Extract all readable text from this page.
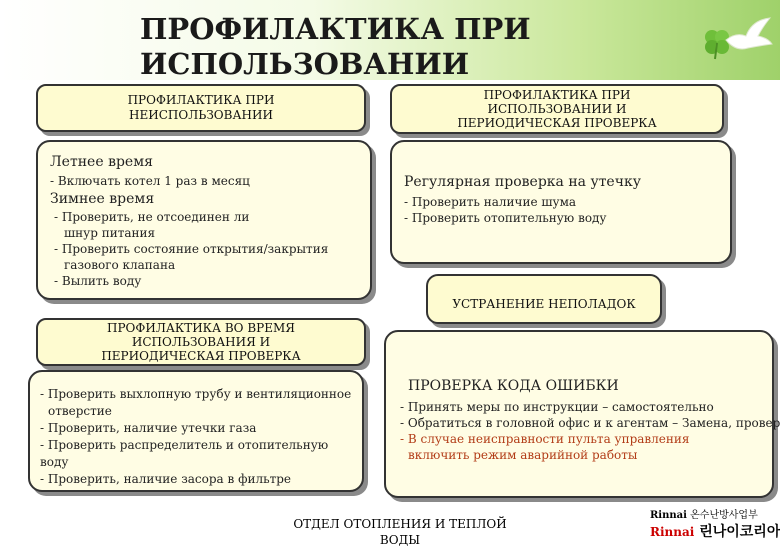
ПРОФИЛАКТИКА ПРИ
ИСПОЛЬЗОВАНИИ
ПРОФИЛАКТИКА ПРИ
НЕИСПОЛЬЗОВАНИИ

Летнее время

- Включать котел 1 раз в месяц

Зимнее время

- Проверить, не отсоединен ли

шнур питания

- Проверить состояние открытия/закрытия

газового клапана

- Вылить воду

ПРОФИЛАКТИКА ПРИ
ИСПОЛЬЗОВАНИИ И
ПЕРИОДИЧЕСКАЯ ПРОВЕРКА

Регулярная проверка на утечку

- Проверить наличие шума

- Проверить отопительную воду

УСТРАНЕНИЕ НЕПОЛАДОК
ПРОФИЛАКТИКА ВО ВРЕМЯ
ИСПОЛЬЗОВАНИЯ И
ПЕРИОДИЧЕСКАЯ ПРОВЕРКА

- Проверить выхлопную трубу и вентиляционное

отверстие

- Проверить, наличие утечки газа

- Проверить распределитель и отопительную воду

- Проверить, наличие засора в фильтре

ПРОВЕРКА КОДА ОШИБКИ

- Принять меры по инструкции – самостоятельно

- Обратиться в головной офис и к агентам – Замена, провер

- В случае неисправности пульта управления

включить режим аварийной работы

ОТДЕЛ ОТОПЛЕНИЯ И ТЕПЛОЙ
ВОДЫ
Rinnai 온수난방사업부
Rinnai 린나이코리아
